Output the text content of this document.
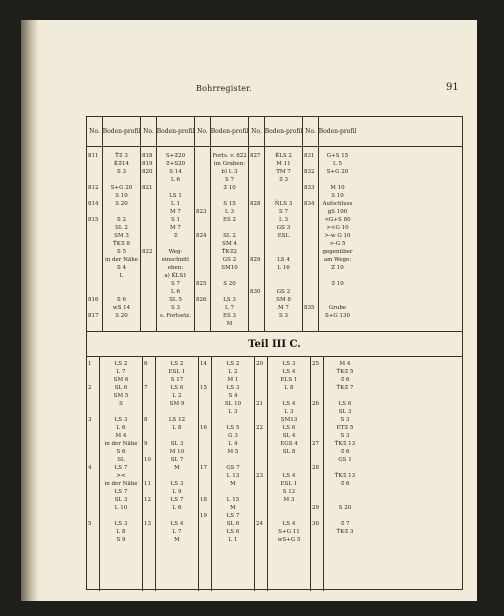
Bohrregister.	91
No. Boden- profil No. Boden- profil No. Boden- profil No. Boden- profil No. Boden- profil
811
812
814
815
816
817
T̃𝔖 3
K̃𝔖14
S 3
S+G 20
S 10
S 20
S 2
SL 2
SM 3
T̃K𝔖 8
S 5
in der Nähe
S 4
L
S 6
wS 14
S 20
818
819
820
821
822
S+𝔖20
𝔖+S20
S 14
L 6
LS 1
L 1
M 7
S 1
M 7
𝔖
Weg-
einschnitt
eben:
a) K̃LS1
S 7
L 6
SL 5
S 3
s. Fortsetz.
823
824
825
826
Forts. v. 822
im Graben:
b) L 3
S 7
𝔖 10
S 15
L 3
ES 2
SL 2
SM 4
T̃K𝔖2
GS 2
SM10
S 20
LS 3
L 7
ES 3
M
827
828
829
830
K̃LS 2
M 11
TM 7
𝔖 3
ÑLS 3
S 7
L 3
GS 3
ESL
LS 4
L 16
GS 2
SM 8
M 7
S 3
831
832
833
834
835
G+S 15
L 5
S+G 20
M 10
S 10
Aufschluss
gS 100
<G+S 80
><G 10
>-w G 10
>-G 5
gegenüber
am Wege:
Z 10
𝔖 10
Grube
S+G 130
Teil III C.
1
2
3
4
5
LS 2
L 7
SM 6
SL 6
SM 5
S
LS 3
L 6
M 4
in der Nähe
S 6
SL
LS 7
><
in der Nähe
LS 7
SL 3
L 10
LS 3
L 8
S 9
6
7
8
9
10
11
12
13
LS 2
ESL 1
S 17
LS 6
L 2
SM 9
LS 12
L 8
SL 3
M 10
SL 7
M
LS 3
L 9
LS 7
L 6
LS 4
L 7
M
14
15
16
17
18
19
LS 2
L 2
M 1
LS 3
S 4
SL 10
L 3
LS 5
G 3
L 4
M 5
GS 7
L 13
M
L 15
M
LS 7
SL 6
LS 6
L 1
20
21
22
23
24
LS 3
LS 4
ELS 1
L 8
LS 4
L 3
SM13
LS 6
SL 4
EGS 4
SL 8
LS 4
ESL 1
S 12
M 3
LS 4
S+G 11
wS+G 5
25
26
27
28
29
30
M 4
T̃K𝔖 5
𝔖 6
T̃K𝔖 7
LS 6
SL 3
S 3
ET𝔖 5
S 3
T̃K𝔖 13
𝔖 6
GS 1
T̃K𝔖 13
𝔖 6
S 20
𝔖 7
T̃K𝔖 3
